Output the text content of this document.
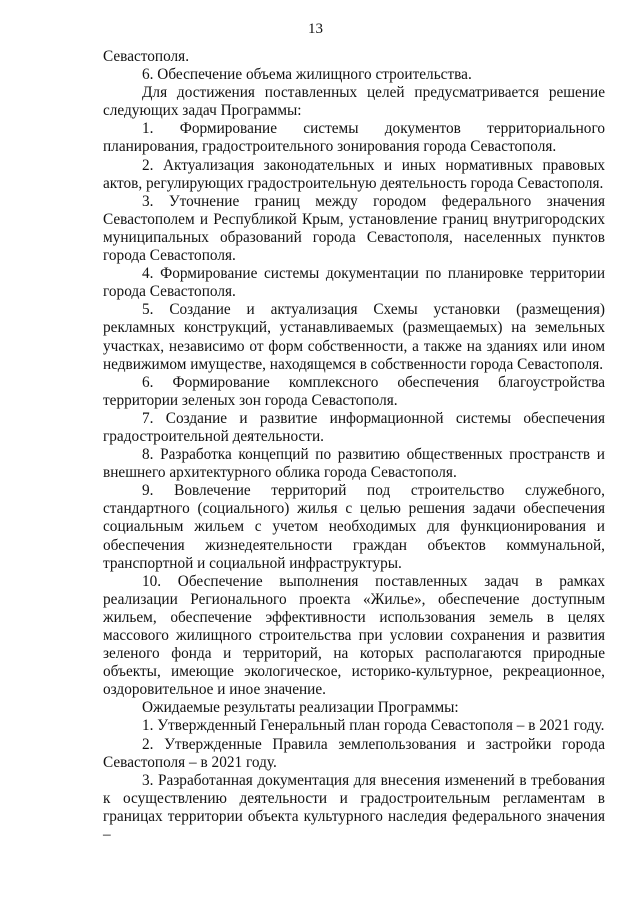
13

Севастополя.

6. Обеспечение объема жилищного строительства.

Для достижения поставленных целей предусматривается решение следующих задач Программы:

1. Формирование системы документов территориального планирования, градостроительного зонирования города Севастополя.

2. Актуализация законодательных и иных нормативных правовых актов, регулирующих градостроительную деятельность города Севастополя.

3. Уточнение границ между городом федерального значения Севастополем и Республикой Крым, установление границ внутригородских муниципальных образований города Севастополя, населенных пунктов города Севастополя.

4. Формирование системы документации по планировке территории города Севастополя.

5. Создание и актуализация Схемы установки (размещения) рекламных конструкций, устанавливаемых (размещаемых) на земельных участках, независимо от форм собственности, а также на зданиях или ином недвижимом имуществе, находящемся в собственности города Севастополя.

6. Формирование комплексного обеспечения благоустройства территории зеленых зон города Севастополя.

7. Создание и развитие информационной системы обеспечения градостроительной деятельности.

8. Разработка концепций по развитию общественных пространств и внешнего архитектурного облика города Севастополя.

9. Вовлечение территорий под строительство служебного, стандартного (социального) жилья с целью решения задачи обеспечения социальным жильем с учетом необходимых для функционирования и обеспечения жизнедеятельности граждан объектов коммунальной, транспортной и социальной инфраструктуры.

10. Обеспечение выполнения поставленных задач в рамках реализации Регионального проекта «Жилье», обеспечение доступным жильем, обеспечение эффективности использования земель в целях массового жилищного строительства при условии сохранения и развития зеленого фонда и территорий, на которых располагаются природные объекты, имеющие экологическое, историко-культурное, рекреационное, оздоровительное и иное значение.

Ожидаемые результаты реализации Программы:

1. Утвержденный Генеральный план города Севастополя – в 2021 году.

2. Утвержденные Правила землепользования и застройки города Севастополя – в 2021 году.

3. Разработанная документация для внесения изменений в требования к осуществлению деятельности и градостроительным регламентам в границах территории объекта культурного наследия федерального значения –
